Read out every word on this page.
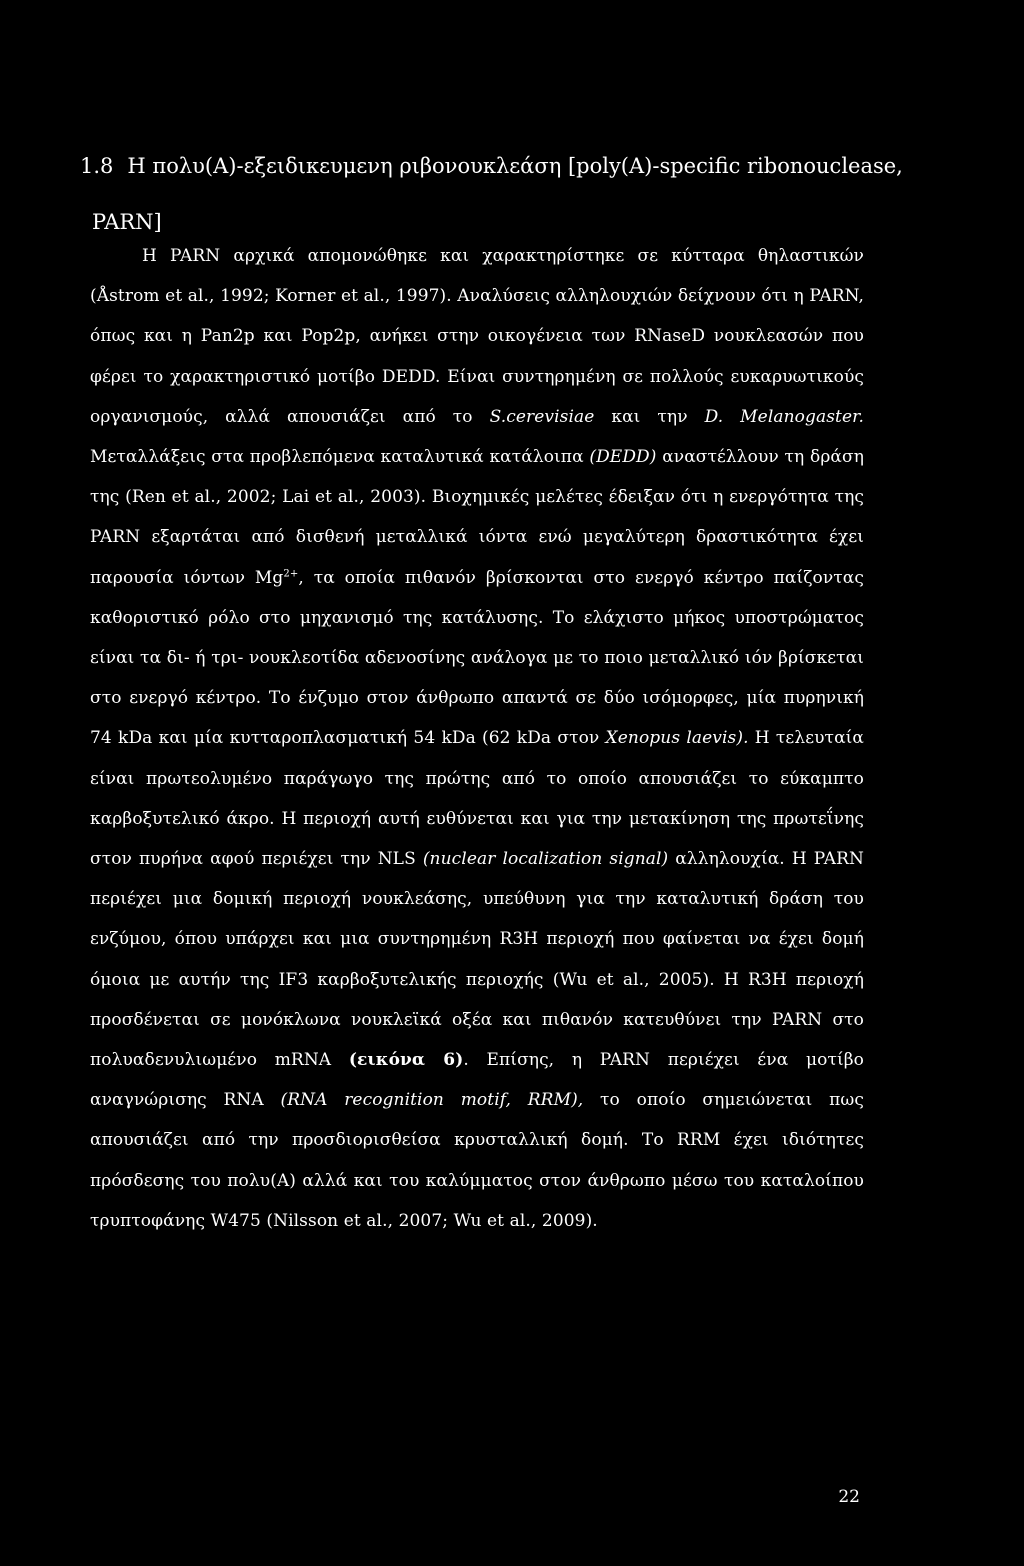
1.8 Η πολυ(Α)-εξειδικευμενη ριβονουκλεάση [poly(A)-specific ribonouclease, PARN]

Η PARN αρχικά απομονώθηκε και χαρακτηρίστηκε σε κύτταρα θηλαστικών (Åstrom et al., 1992; Korner et al., 1997). Αναλύσεις αλληλουχιών δείχνουν ότι η PARN, όπως και η Pan2p και Pop2p, ανήκει στην οικογένεια των RNaseD νουκλεασών που φέρει το χαρακτηριστικό μοτίβο DEDD. Είναι συντηρημένη σε πολλούς ευκαρυωτικούς οργανισμούς, αλλά απουσιάζει από το S.cerevisiae και την D. Melanogaster. Μεταλλάξεις στα προβλεπόμενα καταλυτικά κατάλοιπα (DEDD) αναστέλλουν τη δράση της (Ren et al., 2002; Lai et al., 2003). Βιοχημικές μελέτες έδειξαν ότι η ενεργότητα της PARN εξαρτάται από δισθενή μεταλλικά ιόντα ενώ μεγαλύτερη δραστικότητα έχει παρουσία ιόντων $Mg^{2+}$, τα οποία πιθανόν βρίσκονται στο ενεργό κέντρο παίζοντας καθοριστικό ρόλο στο μηχανισμό της κατάλυσης. Το ελάχιστο μήκος υποστρώματος είναι τα δι- ή τρι- νουκλεοτίδα αδενοσίνης ανάλογα με το ποιο μεταλλικό ιόν βρίσκεται στο ενεργό κέντρο. Το ένζυμο στον άνθρωπο απαντά σε δύο ισόμορφες, μία πυρηνική 74 kDa και μία κυτταροπλασματική 54 kDa (62 kDa στον Xenopus laevis). Η τελευταία είναι πρωτεολυμένο παράγωγο της πρώτης από το οποίο απουσιάζει το εύκαμπτο καρβοξυτελικό άκρο. Η περιοχή αυτή ευθύνεται και για την μετακίνηση της πρωτεΐνης στον πυρήνα αφού περιέχει την NLS (nuclear localization signal) αλληλουχία. Η PARN περιέχει μια δομική περιοχή νουκλεάσης, υπεύθυνη για την καταλυτική δράση του ενζύμου, όπου υπάρχει και μια συντηρημένη R3H περιοχή που φαίνεται να έχει δομή όμοια με αυτήν της IF3 καρβοξυτελικής περιοχής (Wu et al., 2005). Η R3H περιοχή προσδένεται σε μονόκλωνα νουκλεϊκά οξέα και πιθανόν κατευθύνει την PARN στο πολυαδενυλιωμένο mRNA (εικόνα 6). Επίσης, η PARN περιέχει ένα μοτίβο αναγνώρισης RNA (RNA recognition motif, RRM), το οποίο σημειώνεται πως απουσιάζει από την προσδιορισθείσα κρυσταλλική δομή. Το RRM έχει ιδιότητες πρόσδεσης του πολυ(Α) αλλά και του καλύμματος στον άνθρωπο μέσω του καταλοίπου τρυπτοφάνης W475 (Nilsson et al., 2007; Wu et al., 2009).

22
